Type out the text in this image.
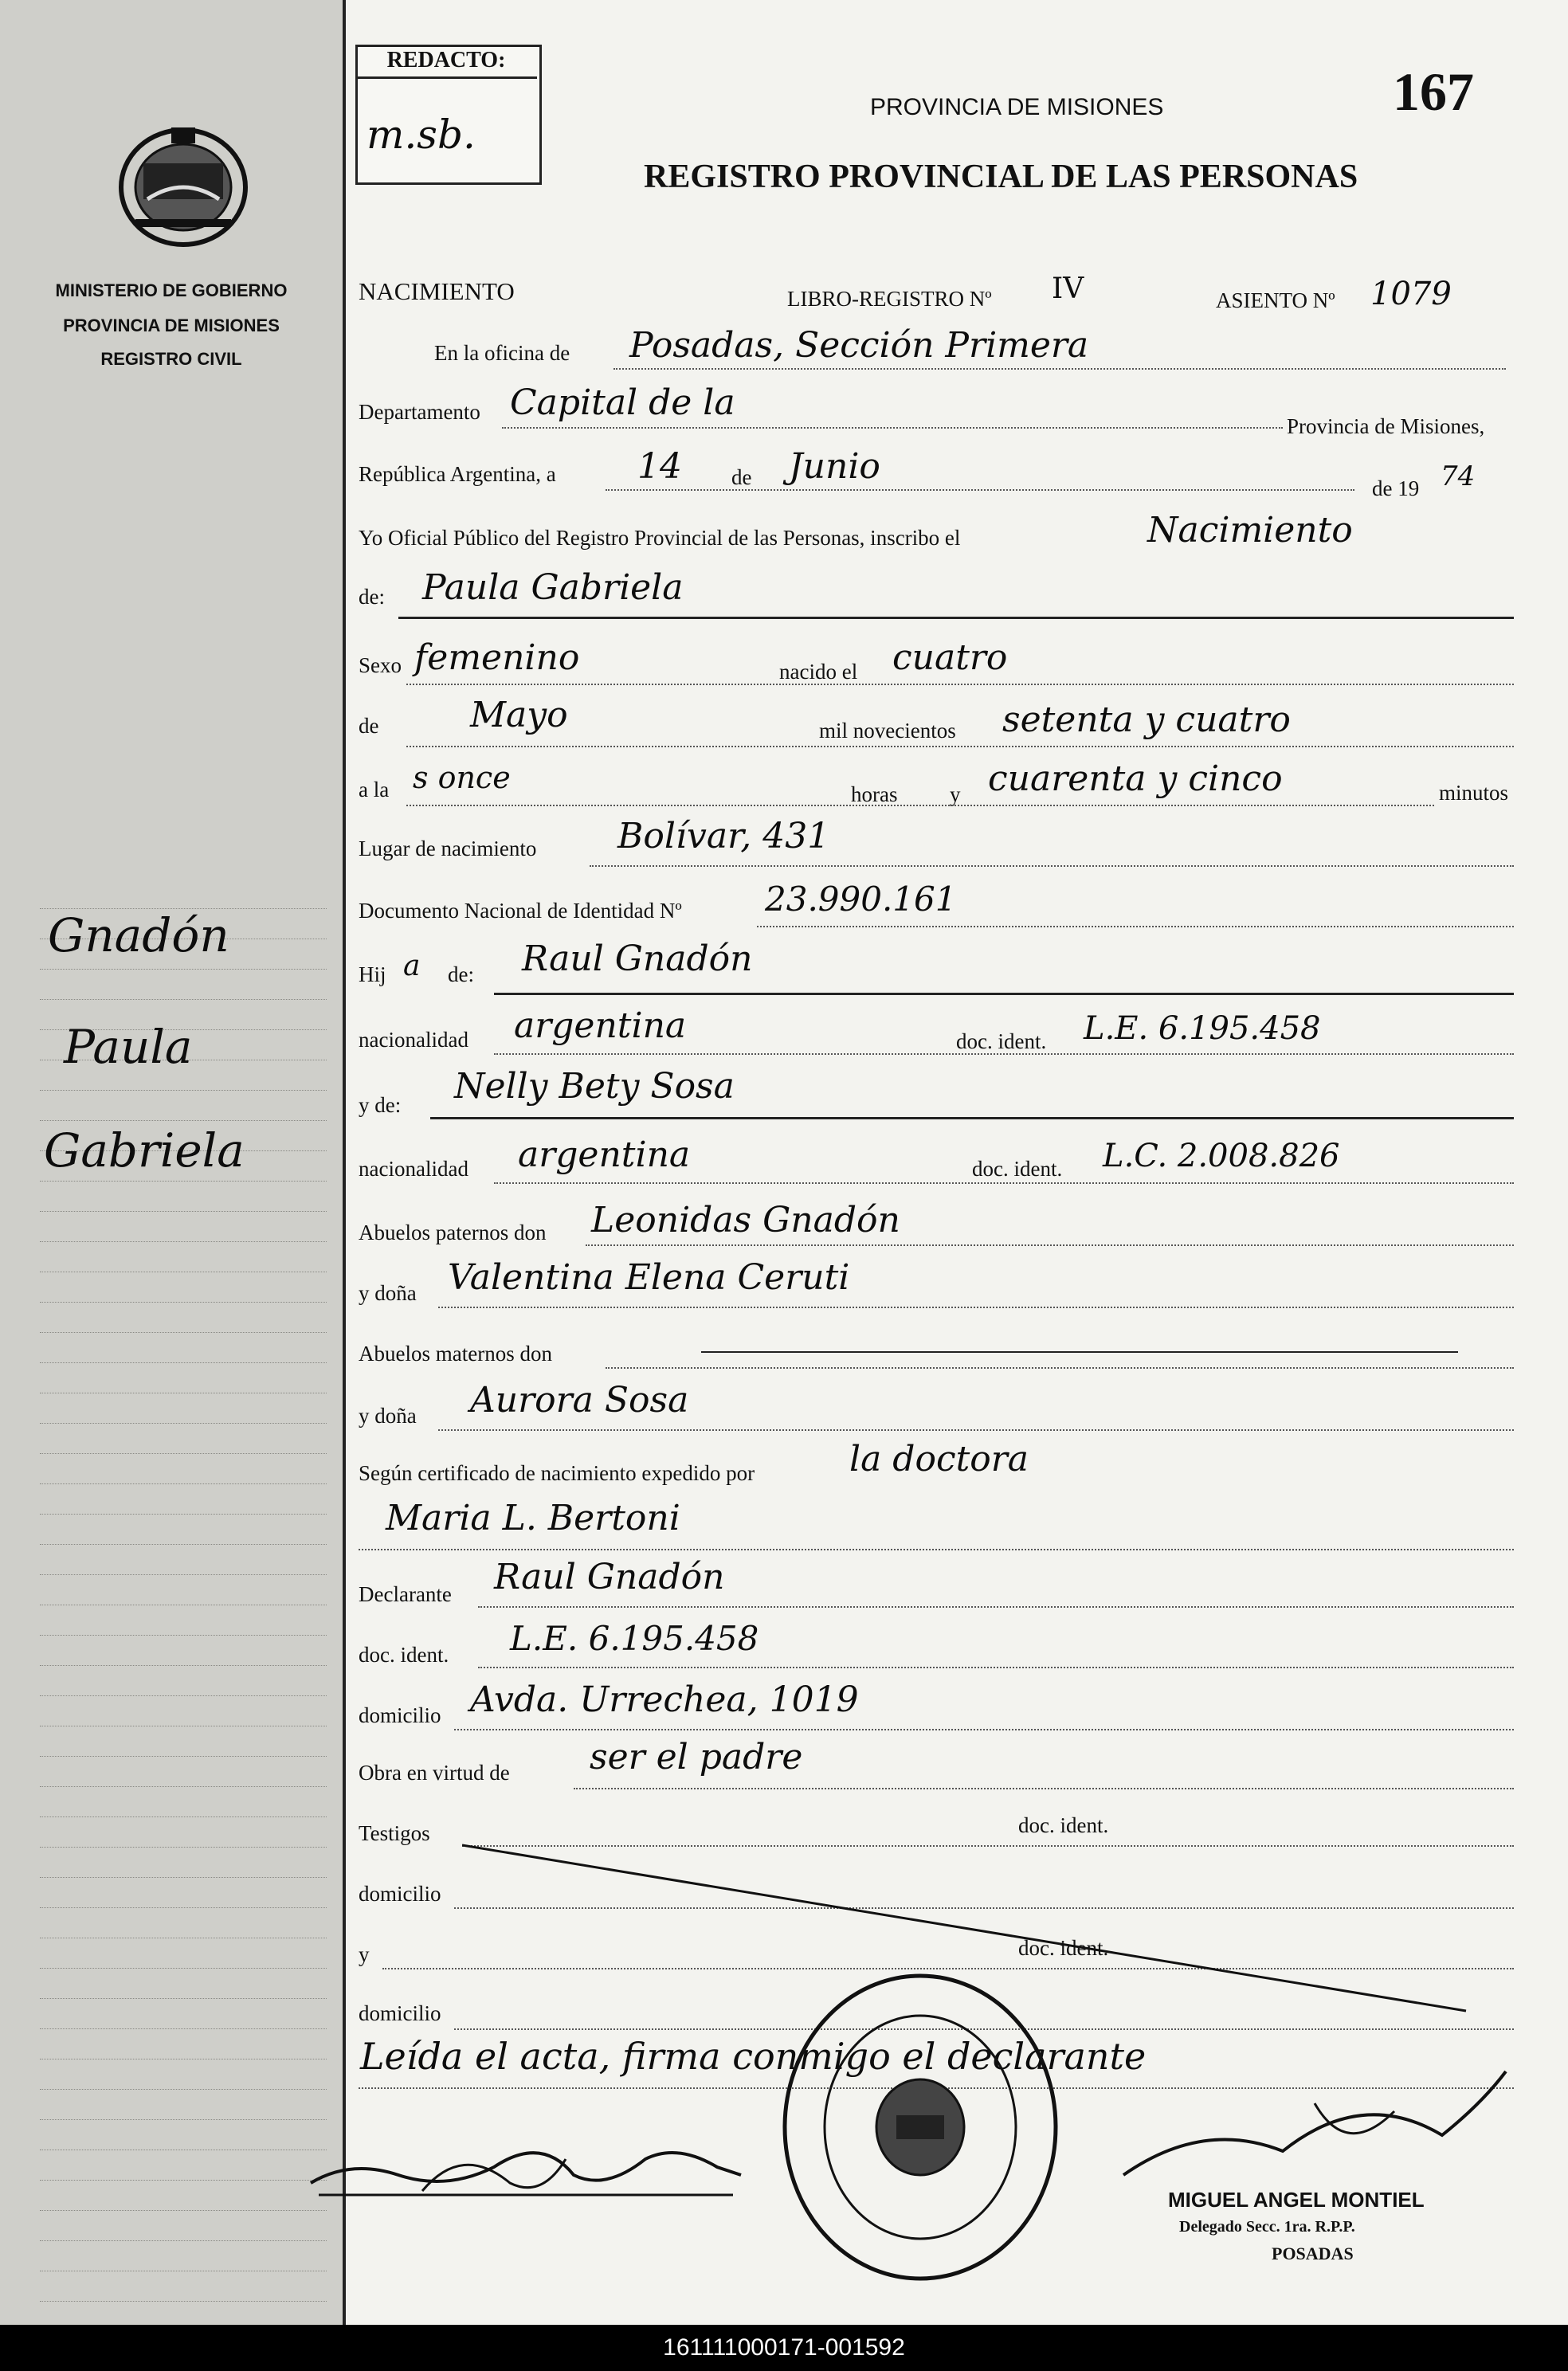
MINISTERIO DE GOBIERNO
PROVINCIA DE MISIONES
REGISTRO CIVIL
Gnadón
Paula
Gabriela
REDACTO:
m.sb.
PROVINCIA DE MISIONES
REGISTRO PROVINCIAL DE LAS PERSONAS
167
NACIMIENTO	LIBRO-REGISTRO Nº IV	ASIENTO Nº 1079
En la oficina de Posadas, Sección Primera
Departamento Capital de la
Provincia de Misiones,
República Argentina, a 14 de Junio
de 19 74
Yo Oficial Público del Registro Provincial de las Personas, inscribo el	Nacimiento
de: Paula Gabriela
Sexo femenino	nacido el cuatro
de	Mayo	mil novecientos setenta y cuatro
a la s once	horas y cuarenta y cinco	minutos
Lugar de nacimiento Bolívar, 431
Documento Nacional de Identidad Nº 23.990.161
Hij a de: Raul Gnadón
nacionalidad argentina	doc. ident. L.E. 6.195.458
y de: Nelly Bety Sosa
nacionalidad argentina	doc. ident. L.C. 2.008.826
Abuelos paternos don Leonidas Gnadón
y doña Valentina Elena Ceruti
Abuelos maternos don
y doña Aurora Sosa
Según certificado de nacimiento expedido por	la doctora
Maria L. Bertoni
Declarante Raul Gnadón
doc. ident. L.E. 6.195.458
domicilio Avda. Urrechea, 1019
Obra en virtud de ser el padre
Testigos	doc. ident.
domicilio
y	doc. ident.
domicilio
Leída el acta, firma conmigo el declarante
MIGUEL ANGEL MONTIEL
Delegado Secc. 1ra. R.P.P.
POSADAS
161111000171-001592
